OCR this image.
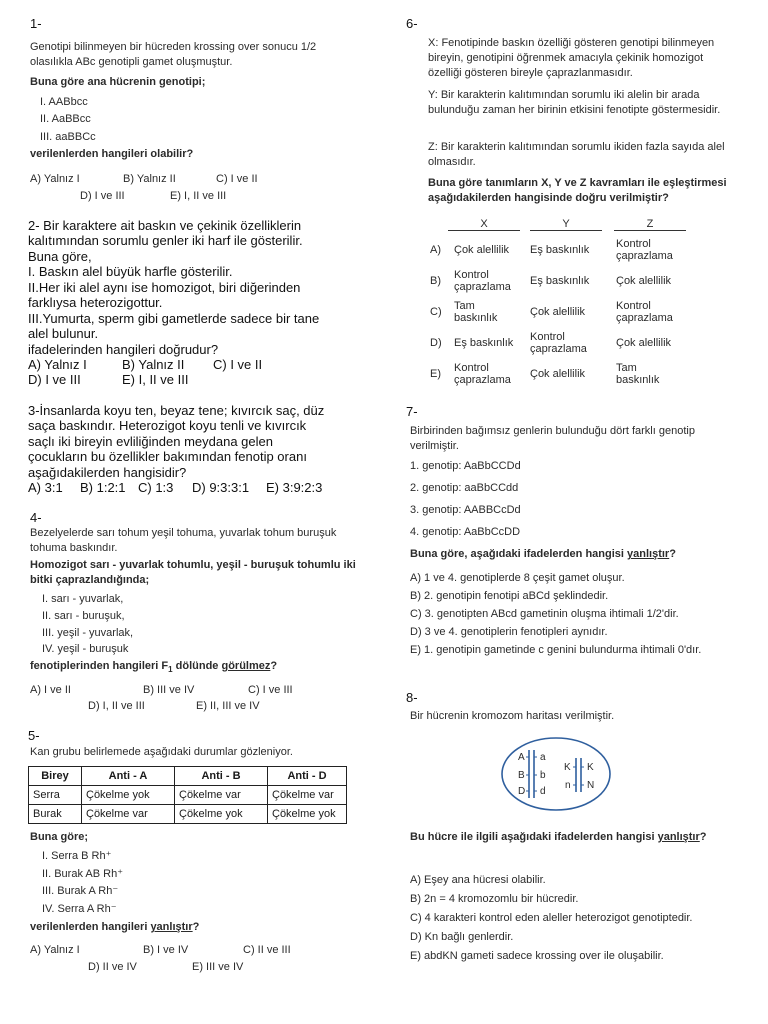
1-

Genotipi bilinmeyen bir hücreden krossing over sonucu 1/2 olasılıkla ABc genotipli gamet oluşmuştur.

Buna göre ana hücrenin genotipi;

I. AABbcc
II. AaBBcc
III. aaBBCc

verilenlerden hangileri olabilir?

A) Yalnız I	B) Yalnız II	C) I ve II
D) I ve III	E) I, II ve III
2- Bir karaktere ait baskın ve çekinik özelliklerin
kalıtımından sorumlu genler iki harf ile gösterilir.
Buna göre,
I. Baskın alel büyük harfle gösterilir.
II.Her iki alel aynı ise homozigot, biri diğerinden
farklıysa heterozigottur.
III.Yumurta, sperm gibi gametlerde sadece bir tane
alel bulunur.
ifadelerinden hangileri doğrudur?
A) Yalnız I	B) Yalnız II C) I ve II
D) I ve III	E) I, II ve III
3-İnsanlarda koyu ten, beyaz tene; kıvırcık saç, düz
saça baskındır. Heterozigot koyu tenli ve kıvırcık
saçlı iki bireyin evliliğinden meydana gelen
çocukların bu özellikler bakımından fenotip oranı
aşağıdakilerden hangisidir?
A) 3:1 B) 1:2:1 C) 1:3 D) 9:3:3:1 E) 3:9:2:3
4-

Bezelyelerde sarı tohum yeşil tohuma, yuvarlak tohum buruşuk tohuma baskındır.

Homozigot sarı - yuvarlak tohumlu, yeşil - buruşuk tohumlu iki bitki çaprazlandığında;

I. sarı - yuvarlak,
II. sarı - buruşuk,
III. yeşil - yuvarlak,
IV. yeşil - buruşuk
fenotiplerinden hangileri $F_1$ dölünde görülmez?
A) I ve II	B) III ve IV	C) I ve III
D) I, II ve III	E) II, III ve IV
5-

Kan grubu belirlemede aşağıdaki durumlar gözleniyor.

Birey	Anti - A	Anti - B	Anti - D
Serra	Çökelme yok	Çökelme var	Çökelme var
Burak	Çökelme var	Çökelme yok	Çökelme yok

Buna göre;

I. Serra B Rh⁺
II. Burak AB Rh⁺
III. Burak A Rh⁻
IV. Serra A Rh⁻
verilenlerden hangileri yanlıştır?
A) Yalnız I	B) I ve IV	C) II ve III
D) II ve IV	E) III ve IV
6-

X: Fenotipinde baskın özelliği gösteren genotipi bilinmeyen bireyin, genotipini öğrenmek amacıyla çekinik homozigot özelliği gösteren bireyle çaprazlanmasıdır.

Y: Bir karakterin kalıtımından sorumlu iki alelin bir arada bulunduğu zaman her birinin etkisini fenotipte göstermesidir.

Z: Bir karakterin kalıtımından sorumlu ikiden fazla sayıda alel olmasıdır.

Buna göre tanımların X, Y ve Z kavramları ile eşleştirmesi aşağıdakilerden hangisinde doğru verilmiştir?

X	Y	Z
A) Çok alellilik	Eş baskınlık	Kontrol çaprazlama
B) Kontrol çaprazlama	Eş baskınlık	Çok alellilik
C) Tam baskınlık	Çok alellilik	Kontrol çaprazlama
D) Eş baskınlık	Kontrol çaprazlama	Çok alellilik
E) Kontrol çaprazlama	Çok alellilik	Tam baskınlık
7-

Birbirinden bağımsız genlerin bulunduğu dört farklı genotip verilmiştir.

1. genotip: AaBbCCDd
2. genotip: aaBbCCdd
3. genotip: AABBCcDd
4. genotip: AaBbCcDD
Buna göre, aşağıdaki ifadelerden hangisi yanlıştır?
A) 1 ve 4. genotiplerde 8 çeşit gamet oluşur.
B) 2. genotipin fenotipi aBCd şeklindedir.
C) 3. genotipten ABcd gametinin oluşma ihtimali 1/2'dir.
D) 3 ve 4. genotiplerin fenotipleri aynıdır.

E) 1. genotipin gametinde c genini bulundurma ihtimali 0'dır.

8-

Bir hücrenin kromozom haritası verilmiştir.

A a
B b
D d
K K
n N
Bu hücre ile ilgili aşağıdaki ifadelerden hangisi yanlıştır?
A) Eşey ana hücresi olabilir.
B) 2n = 4 kromozomlu bir hücredir.
C) 4 karakteri kontrol eden aleller heterozigot genotiptedir.
D) Kn bağlı genlerdir.
E) abdKN gameti sadece krossing over ile oluşabilir.
